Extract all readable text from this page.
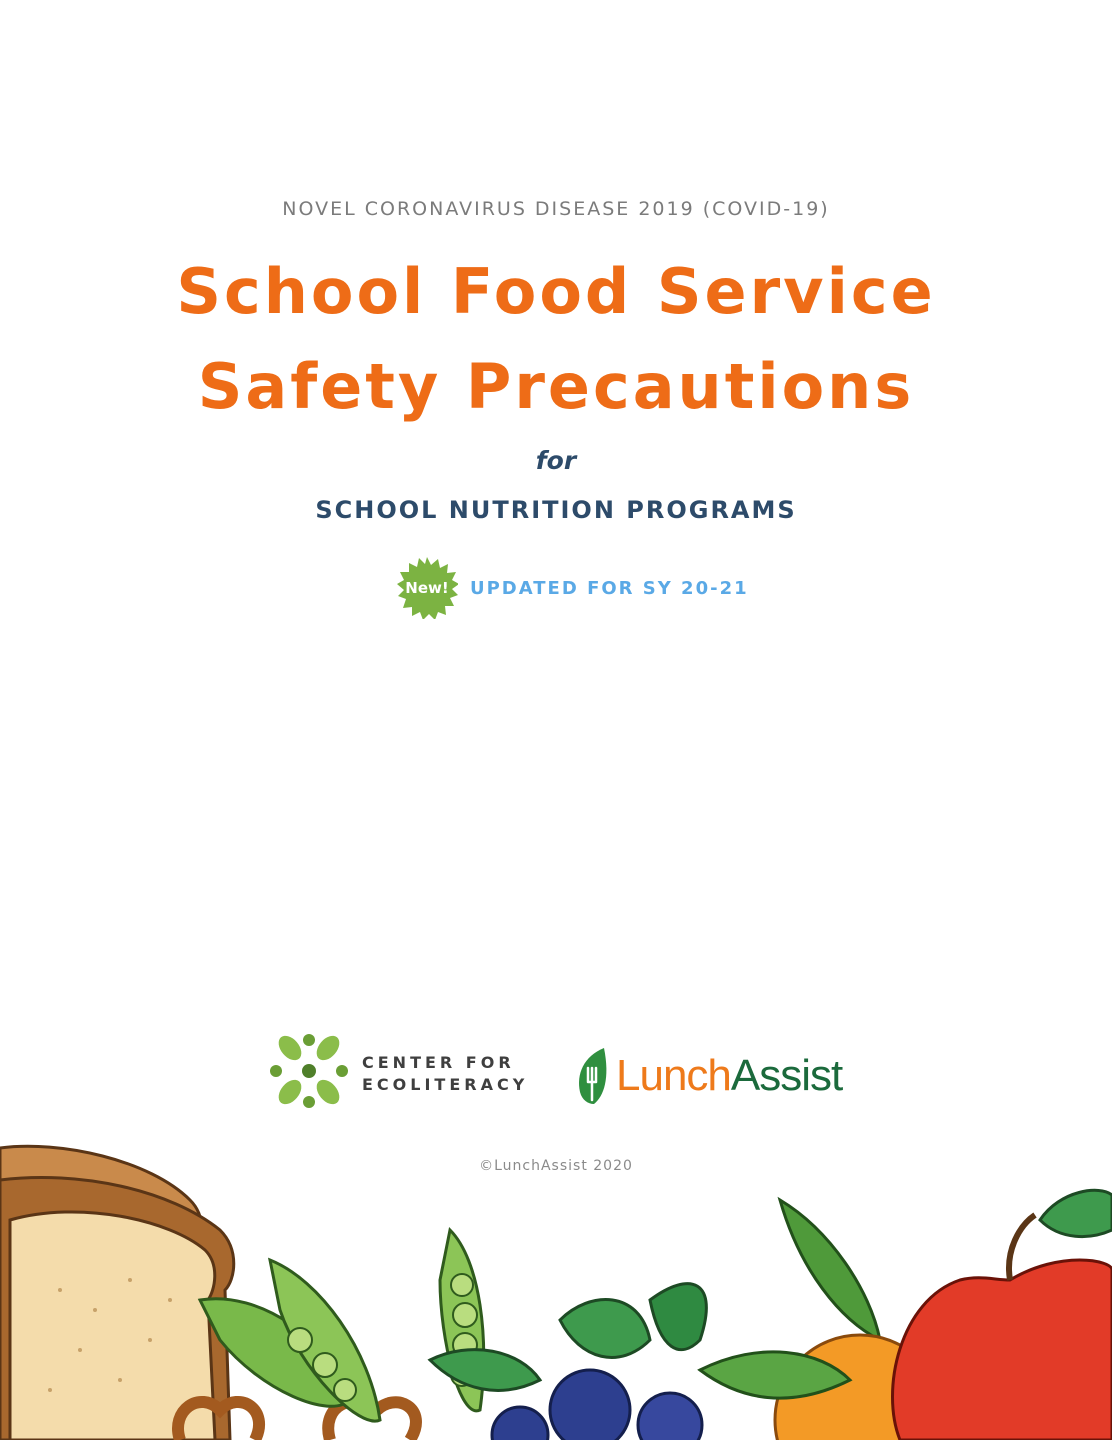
NOVEL CORONAVIRUS DISEASE 2019 (COVID-19)
School Food Service
Safety Precautions
for
SCHOOL NUTRITION PROGRAMS
New!	UPDATED FOR SY 20-21
CENTER FOR
ECOLITERACY LunchAssist
©LunchAssist 2020
